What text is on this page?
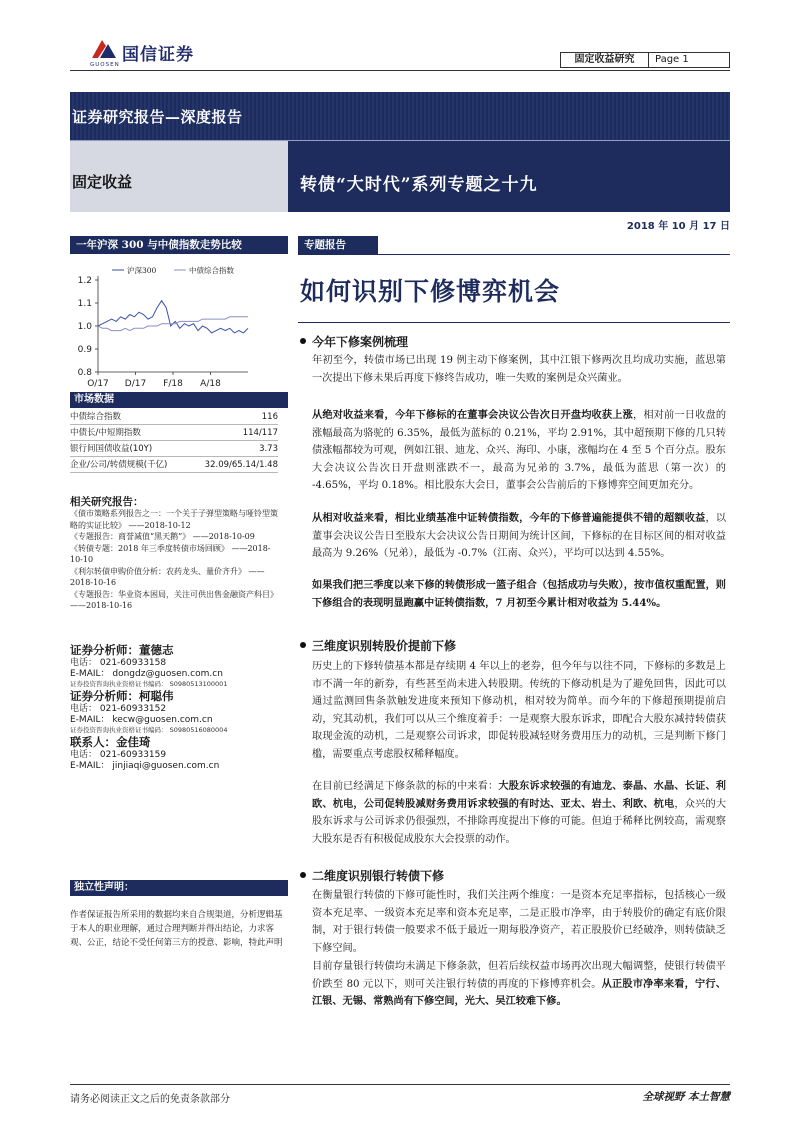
国信证券
GUOSEN	固定收益研究	Page 1
证券研究报告—深度报告
固定收益	转债“大时代”系列专题之十九
2018 年 10 月 17 日
一年沪深 300 与中债指数走势比较
0.8
0.9
1.0
1.1
1.2
O/17 D/17 F/18 A/18
沪深300	中债综合指数
市场数据
中债综合指数	116
中债长/中短期指数	114/117
银行间国债收益(10Y)	3.73
企业/公司/转债规模(千亿)	32.09/65.14/1.48
相关研究报告：
《债市策略系列报告之一：一个关于子弹型策略与哑铃型策略的实证比较》 ——2018-10-12
《专题报告：商誉减值“黑天鹅”》 ——2018-10-09
《转债专题：2018 年三季度转债市场回顾》 ——2018-10-10
《利尔转债申购价值分析：农药龙头、量价齐升》 ——2018-10-16
《专题报告：华业资本困局，关注可供出售金融资产科目》 ——2018-10-16
证券分析师：董德志
电话： 021-60933158
E-MAIL： dongdz@guosen.com.cn
证券投资咨询执业资格证书编码： S0980513100001
证券分析师：柯聪伟
电话： 021-60933152
E-MAIL： kecw@guosen.com.cn
证券投资咨询执业资格证书编码： S0980516080004
联系人：金佳琦
电话： 021-60933159
E-MAIL： jinjiaqi@guosen.com.cn
独立性声明：
作者保证报告所采用的数据均来自合规渠道，分析逻辑基于本人的职业理解，通过合理判断并得出结论，力求客观、公正，结论不受任何第三方的授意、影响，特此声明
专题报告
如何识别下修博弈机会
今年下修案例梳理
年初至今，转债市场已出现 19 例主动下修案例，其中江银下修两次且均成功实施，蓝思第一次提出下修未果后再度下修终告成功，唯一失败的案例是众兴菌业。
从绝对收益来看，今年下修标的在董事会决议公告次日开盘均收获上涨，相对前一日收盘的涨幅最高为骆驼的 6.35%，最低为蓝标的 0.21%，平均 2.91%，其中超预期下修的几只转债涨幅都较为可观，例如江银、迪龙、众兴、海印、小康，涨幅均在 4 至 5 个百分点。股东大会决议公告次日开盘则涨跌不一，最高为兄弟的 3.7%，最低为蓝思（第一次）的 -4.65%，平均 0.18%。相比股东大会日，董事会公告前后的下修博弈空间更加充分。
从相对收益来看，相比业绩基准中证转债指数，今年的下修普遍能提供不错的超额收益，以董事会决议公告日至股东大会决议公告日期间为统计区间，下修标的在目标区间的相对收益最高为 9.26%（兄弟），最低为 -0.7%（江南、众兴），平均可以达到 4.55%。
如果我们把三季度以来下修的转债形成一篮子组合（包括成功与失败），按市值权重配置，则下修组合的表现明显跑赢中证转债指数，7 月初至今累计相对收益为 5.44%。
三维度识别转股价提前下修
历史上的下修转债基本都是存续期 4 年以上的老券，但今年与以往不同，下修标的多数是上市不满一年的新券，有些甚至尚未进入转股期。传统的下修动机是为了避免回售，因此可以通过监测回售条款触发进度来预知下修动机，相对较为简单。而今年的下修超预期提前启动，究其动机，我们可以从三个维度着手：一是观察大股东诉求，即配合大股东减持转债获取现金流的动机，二是观察公司诉求，即促转股减轻财务费用压力的动机，三是判断下修门槛，需要重点考虑股权稀释幅度。
在目前已经满足下修条款的标的中来看：大股东诉求较强的有迪龙、泰晶、水晶、长证、利欧、杭电，公司促转股减财务费用诉求较强的有时达、亚太、岩土、利欧、杭电，众兴的大股东诉求与公司诉求仍很强烈，不排除再度提出下修的可能。但迫于稀释比例较高，需观察大股东是否有积极促成股东大会投票的动作。
二维度识别银行转债下修
在衡量银行转债的下修可能性时，我们关注两个维度：一是资本充足率指标，包括核心一级资本充足率、一级资本充足率和资本充足率，二是正股市净率，由于转股价的确定有底价限制，对于银行转债一般要求不低于最近一期每股净资产，若正股股价已经破净，则转债缺乏下修空间。
目前存量银行转债均未满足下修条款，但若后续权益市场再次出现大幅调整，使银行转债平价跌至 80 元以下，则可关注银行转债的再度的下修博弈机会。从正股市净率来看，宁行、江银、无锡、常熟尚有下修空间，光大、吴江较难下修。
请务必阅读正文之后的免责条款部分	全球视野 本土智慧
